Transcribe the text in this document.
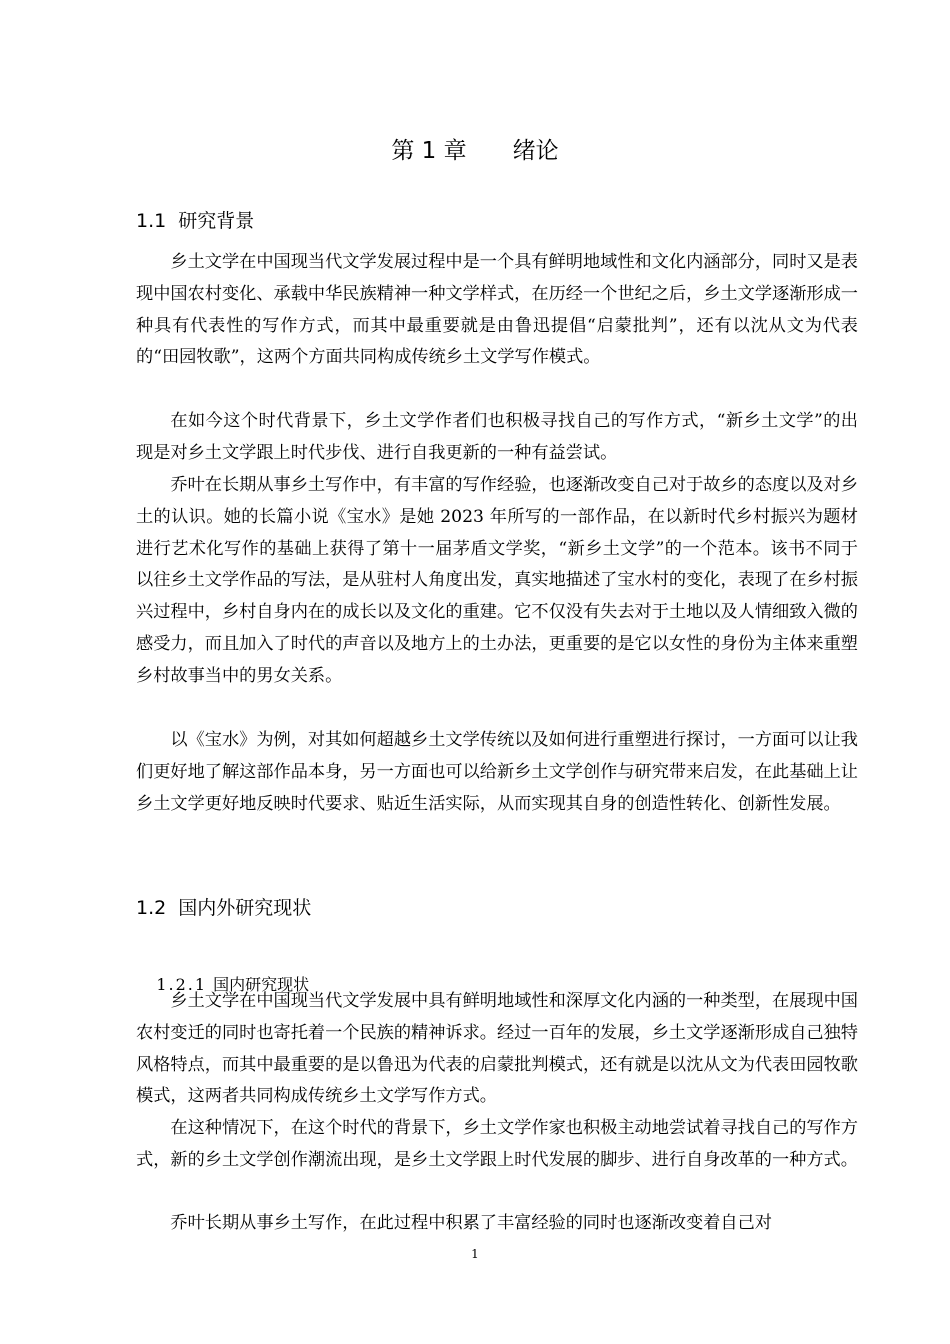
第 1 章　　绪论
1.1  研究背景

乡土文学在中国现当代文学发展过程中是一个具有鲜明地域性和文化内涵部分，同时又是表现中国农村变化、承载中华民族精神一种文学样式，在历经一个世纪之后，乡土文学逐渐形成一种具有代表性的写作方式，而其中最重要就是由鲁迅提倡“启蒙批判”，还有以沈从文为代表的“田园牧歌”，这两个方面共同构成传统乡土文学写作模式。

在如今这个时代背景下，乡土文学作者们也积极寻找自己的写作方式，“新乡土文学”的出现是对乡土文学跟上时代步伐、进行自我更新的一种有益尝试。

乔叶在长期从事乡土写作中，有丰富的写作经验，也逐渐改变自己对于故乡的态度以及对乡土的认识。她的长篇小说《宝水》是她 2023 年所写的一部作品，在以新时代乡村振兴为题材进行艺术化写作的基础上获得了第十一届茅盾文学奖，“新乡土文学”的一个范本。该书不同于以往乡土文学作品的写法，是从驻村人角度出发，真实地描述了宝水村的变化，表现了在乡村振兴过程中，乡村自身内在的成长以及文化的重建。它不仅没有失去对于土地以及人情细致入微的感受力，而且加入了时代的声音以及地方上的土办法，更重要的是它以女性的身份为主体来重塑乡村故事当中的男女关系。

以《宝水》为例，对其如何超越乡土文学传统以及如何进行重塑进行探讨，一方面可以让我们更好地了解这部作品本身，另一方面也可以给新乡土文学创作与研究带来启发，在此基础上让乡土文学更好地反映时代要求、贴近生活实际，从而实现其自身的创造性转化、创新性发展。

1.2  国内外研究现状

1.2.1 国内研究现状

乡土文学在中国现当代文学发展中具有鲜明地域性和深厚文化内涵的一种类型，在展现中国农村变迁的同时也寄托着一个民族的精神诉求。经过一百年的发展，乡土文学逐渐形成自己独特风格特点，而其中最重要的是以鲁迅为代表的启蒙批判模式，还有就是以沈从文为代表田园牧歌模式，这两者共同构成传统乡土文学写作方式。

在这种情况下，在这个时代的背景下，乡土文学作家也积极主动地尝试着寻找自己的写作方式，新的乡土文学创作潮流出现，是乡土文学跟上时代发展的脚步、进行自身改革的一种方式。

乔叶长期从事乡土写作，在此过程中积累了丰富经验的同时也逐渐改变着自己对

1
